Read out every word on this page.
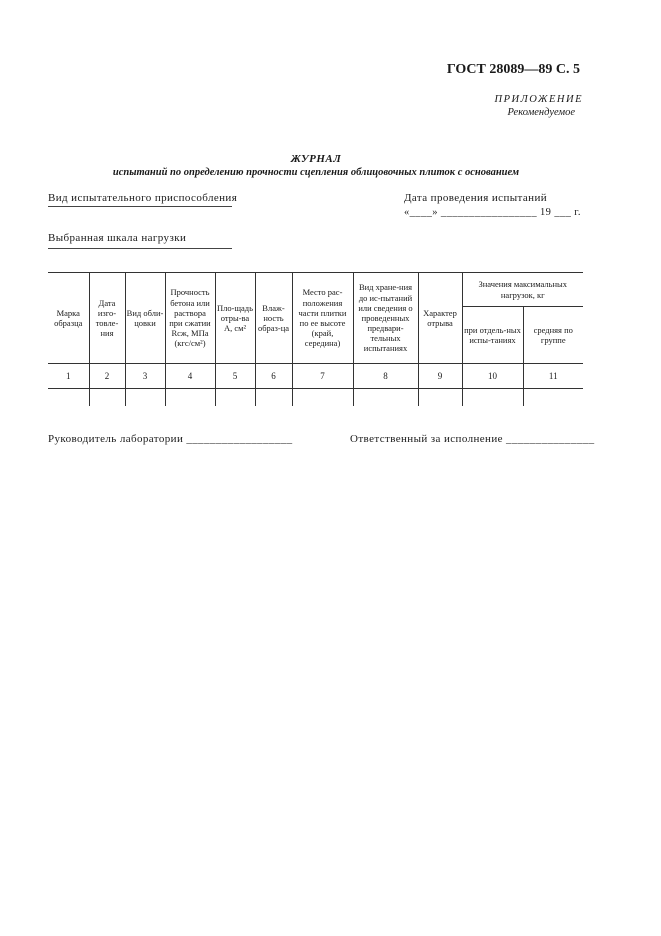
ГОСТ 28089—89 С. 5
ПРИЛОЖЕНИЕ
Рекомендуемое
ЖУРНАЛ
испытаний по определению прочности сцепления облицовочных плиток с основанием
Вид испытательного приспособления	Дата проведения испытаний
«____» _________________ 19 ___ г.
Выбранная шкала нагрузки
Марка образца	Дата изго-товле-ния	Вид обли-цовки	Прочность бетона или раствора при сжатии Rсж, МПа (кгс/см²)	Пло-щадь отры-ва A, см²	Влаж-ность образ-ца	Место рас-положения части плитки по ее высоте (край, середина)	Вид хране-ния до ис-пытаний или сведения о проведенных предвари-тельных испытаниях	Характер отрыва	Значения максимальных нагрузок, кг	
									при отдель-ных испы-таниях	средняя по группе
1	2	3	4	5	6	7	8	9	10	11

Руководитель лаборатории __________________	Ответственный за исполнение _______________
